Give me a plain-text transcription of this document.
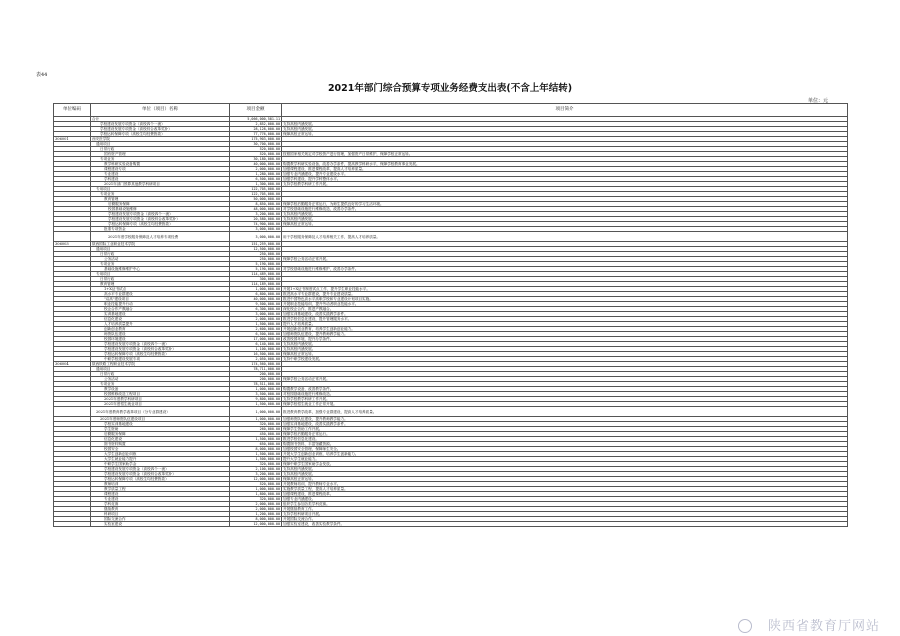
表44
2021年部门综合预算专项业务经费支出表(不含上年结转)
单位：元
单位编码	单位（项目）名称	项目金额	项目简介
	合计	5,066,000,581.11	
	学校建设发展专项资金（高校四个一流）	2,852,000.00	支持高校内涵发展。
	学校建设发展专项资金（高校综合改革奖补）	28,128,000.00	支持高校内涵发展。
	学校运转保障专项（高校生均经费拨款）	77,776,000.00	保障高校正常运转。
306001	西安医学院	175,903,000.00	
	通用项目	30,700,000.00	
	日常行政	520,000.00	
	国有资产管理	520,000.00	按照国家相关规定对学校资产进行管理，加强资产日常维护，保障学校正常运转。
	专项业务	30,180,000.00	
	教学科研实验设备购置	40,000,000.00	购置教学科研实验设备，改善办学条件，提高教学科研水平，保障学校教育事业发展。
	课程建设专项	2,000,000.00	加强课程建设，推进课程改革，提高人才培养质量。
	专业建设	1,280,000.00	加强专业内涵建设，提升专业建设水平。
	学科建设	6,500,000.00	加强学科建设，提升学科整体水平。
	2021年部门预算其他教学科研项目	1,300,000.00	支持学校教学科研工作开展。
	专用项目	122,705,000.00	
	专项业务	122,705,000.00	
	教育管理	50,000,000.00	
	后勤服务保障	8,850,000.00	保障学校后勤服务正常运行，为师生提供良好的学习生活环境。
	校园基础设施维修	48,000,000.00	对学校基础设施进行维修改造，改善办学条件。
	学校建设发展专项资金（高校四个一流）	3,200,000.00	支持高校内涵发展。
	学校建设发展专项资金（高校综合改革奖补）	20,580,000.00	支持高校内涵发展。
	学校运转保障专项（高校生均经费拨款）	74,900,000.00	保障高校正常运转。
	批准专项资金	3,000,000.00	
	2021年度学校服务保障及人才培养专项经费	3,000,000.00	用于学校服务保障及人才培养相关工作，提高人才培养质量。
306003	陕西国际工业职业技术学院	151,259,000.00	
	通用项目	12,500,000.00	
	日常行政	250,000.00	
	公务活动	250,000.00	保障学校公务活动正常开展。
	专项业务	5,190,000.00	
	基础设施维修维护中心	5,190,000.00	对学校基础设施进行维修维护，改善办学条件。
	专用项目	114,489,000.00	
	日常行政	300,000.00	
	教育管理	114,189,000.00	
	1+X证书试点	1,000,000.00	开展1+X证书制度试点工作，提升学生职业技能水平。
	高水平专业群建设	6,800,000.00	推进高水平专业群建设，提升专业建设质量。
	"双高"建设项目	40,000,000.00	推进中国特色高水平高职学校和专业建设计划项目实施。
	职业技能提升行动	9,500,000.00	开展职业技能培训，提升劳动者职业技能水平。
	校企合作产教融合	6,300,000.00	深化校企合作，推进产教融合。
	实训基地建设	3,000,000.00	加强实训基地建设，改善实践教学条件。
	信息化建设	2,000,000.00	推进学校信息化建设，提升管理服务水平。
	人才培养质量提升	1,500,000.00	提升人才培养质量。
	创新创业教育	2,600,000.00	开展创新创业教育，培养学生创新创业能力。
	师资队伍建设	6,500,000.00	加强师资队伍建设，提升教师教学能力。
	校园环境建设	17,000,000.00	改善校园环境，提升办学条件。
	学校建设发展专项资金（高校四个一流）	6,140,000.00	支持高校内涵发展。
	学校建设发展专项资金（高校综合改革奖补）	1,100,000.00	支持高校内涵发展。
	学校运转保障专项（高校生均经费拨款）	16,500,000.00	保障高校正常运转。
	中职学校建设发展专项	2,050,000.00	支持中职学校建设发展。
306004	陕西铁路工程职业技术学院	174,560,000.00	
	通用项目	78,711,000.00	
	日常行政	200,000.00	
	公务活动	200,000.00	保障学校公务活动正常开展。
	专项业务	78,511,000.00	
	教学设备	1,000,000.00	购置教学设备，改善教学条件。
	校园维修改造工程项目	3,500,000.00	对校园基础设施进行维修改造。
	2021年度教学科研项目	9,800,000.00	支持学校教学科研工作开展。
	2021年度招生就业项目	1,500,000.00	保障学校招生就业工作正常开展。
	2021年度教育教学改革项目（分专业群建设）	1,000,000.00	推进教育教学改革，加强专业群建设，提高人才培养质量。
	2021年度师资队伍建设项目	1,000,000.00	加强师资队伍建设，提升教师教学能力。
	学校实训基地建设	320,000.00	加强实训基地建设，改善实践教学条件。
	学生资助	260,000.00	保障学生资助工作开展。
	后勤服务保障	450,000.00	保障学校后勤服务正常运行。
	信息化建设	1,500,000.00	推进学校信息化建设。
	图书资料购置	650,000.00	购置图书资料，丰富馆藏资源。
	校园安全	8,000,000.00	加强校园安全管理，保障师生安全。
	大学生创新创业训练	1,500,000.00	开展大学生创新创业训练，培养学生创新能力。
	大学生就业能力提升	1,500,000.00	提升大学生就业能力。
	中职学生国家助学金	320,000.00	保障中职学生国家助学金发放。
	学校建设发展专项资金（高校四个一流）	2,100,000.00	支持高校内涵发展。
	学校建设发展专项资金（高校综合改革奖补）	3,200,000.00	支持高校内涵发展。
	学校运转保障专项（高校生均经费拨款）	12,000,000.00	保障高校正常运转。
	教师培训	520,000.00	开展教师培训，提升教师专业水平。
	教学质量工程	1,000,000.00	实施教学质量工程，提高人才培养质量。
	课程建设	1,800,000.00	加强课程建设，推进课程改革。
	专业建设	320,000.00	加强专业内涵建设。
	学科竞赛	2,000,000.00	组织学生参加各类学科竞赛。
	继续教育	2,000,000.00	开展继续教育工作。
	科研项目	1,200,000.00	支持学校科研项目开展。
	国际交流合作	8,000,000.00	开展国际交流合作。
	实验室建设	12,000,000.00	加强实验室建设，改善实验教学条件。
陕西省教育厅网站
